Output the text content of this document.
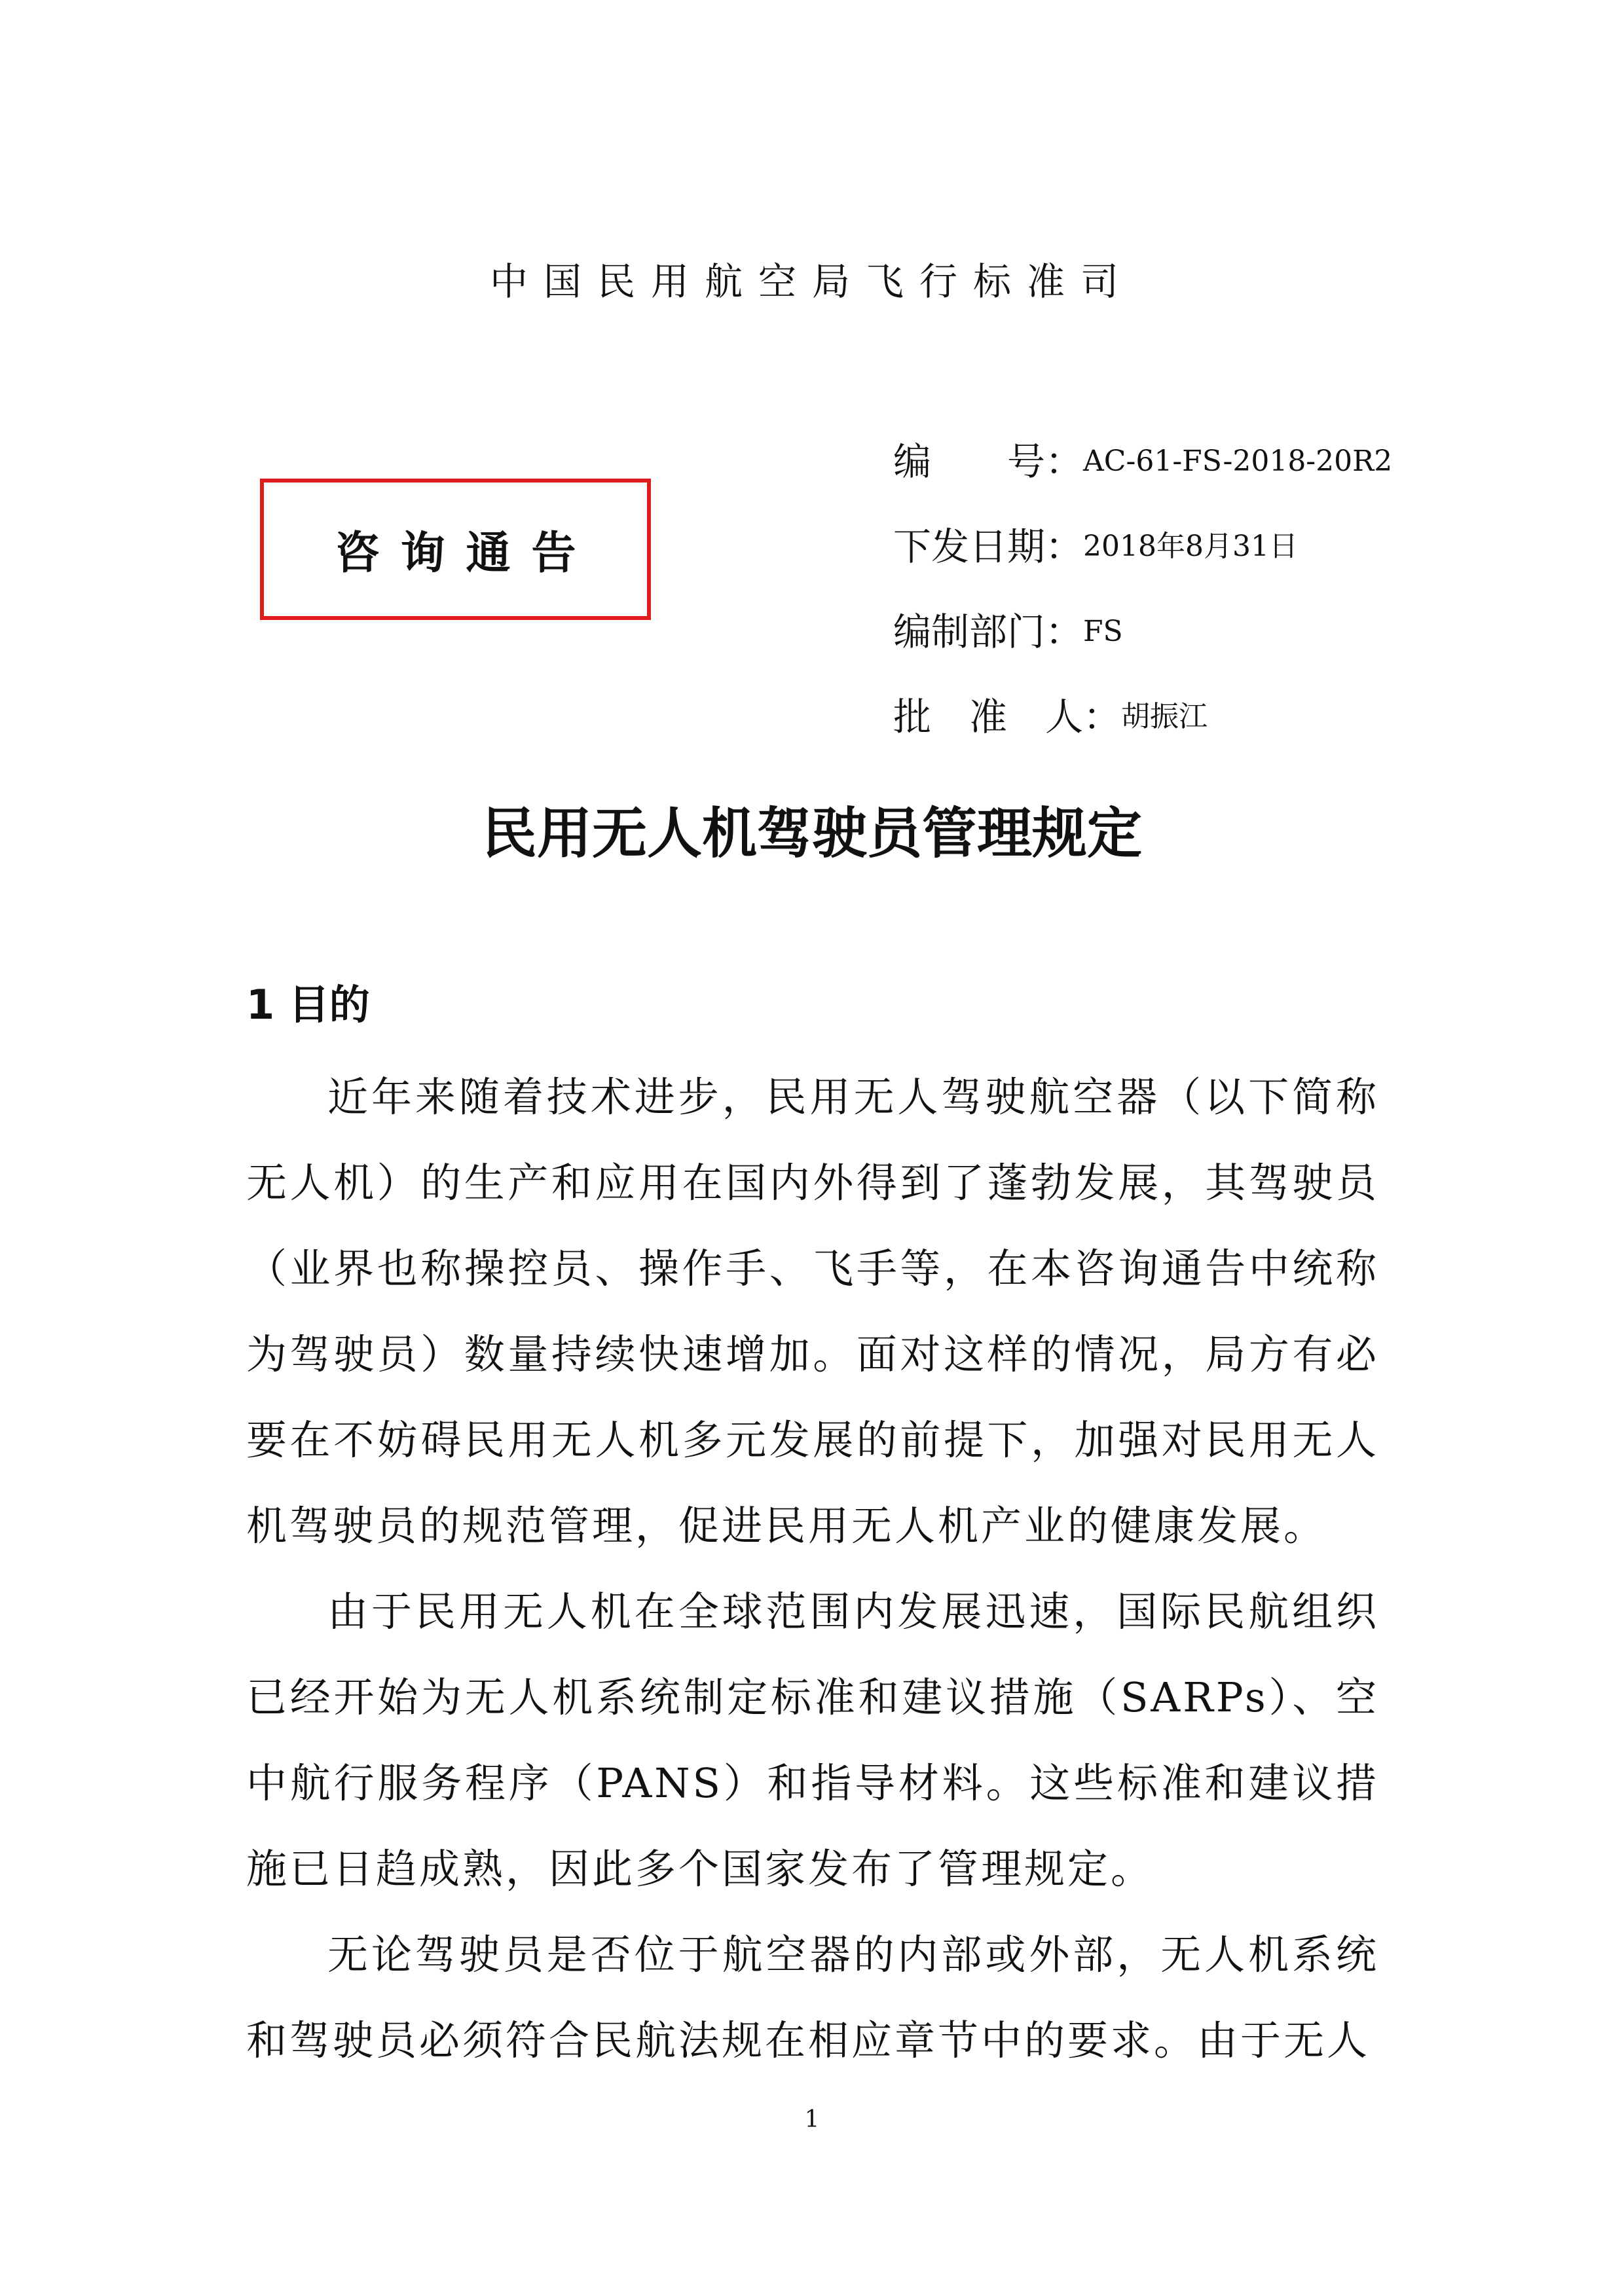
中国民用航空局飞行标准司
咨询通告
编　　号： AC-61-FS-2018-20R2
下发日期： 2018年8月31日
编制部门： FS
批　准　人： 胡振江
民用无人机驾驶员管理规定
1 目的

近年来随着技术进步，民用无人驾驶航空器（以下简称无人机）的生产和应用在国内外得到了蓬勃发展，其驾驶员（业界也称操控员、操作手、飞手等，在本咨询通告中统称为驾驶员）数量持续快速增加。面对这样的情况，局方有必要在不妨碍民用无人机多元发展的前提下，加强对民用无人机驾驶员的规范管理，促进民用无人机产业的健康发展。

由于民用无人机在全球范围内发展迅速，国际民航组织已经开始为无人机系统制定标准和建议措施（SARPs）、空中航行服务程序（PANS）和指导材料。这些标准和建议措施已日趋成熟，因此多个国家发布了管理规定。

无论驾驶员是否位于航空器的内部或外部，无人机系统和驾驶员必须符合民航法规在相应章节中的要求。由于无人

1
